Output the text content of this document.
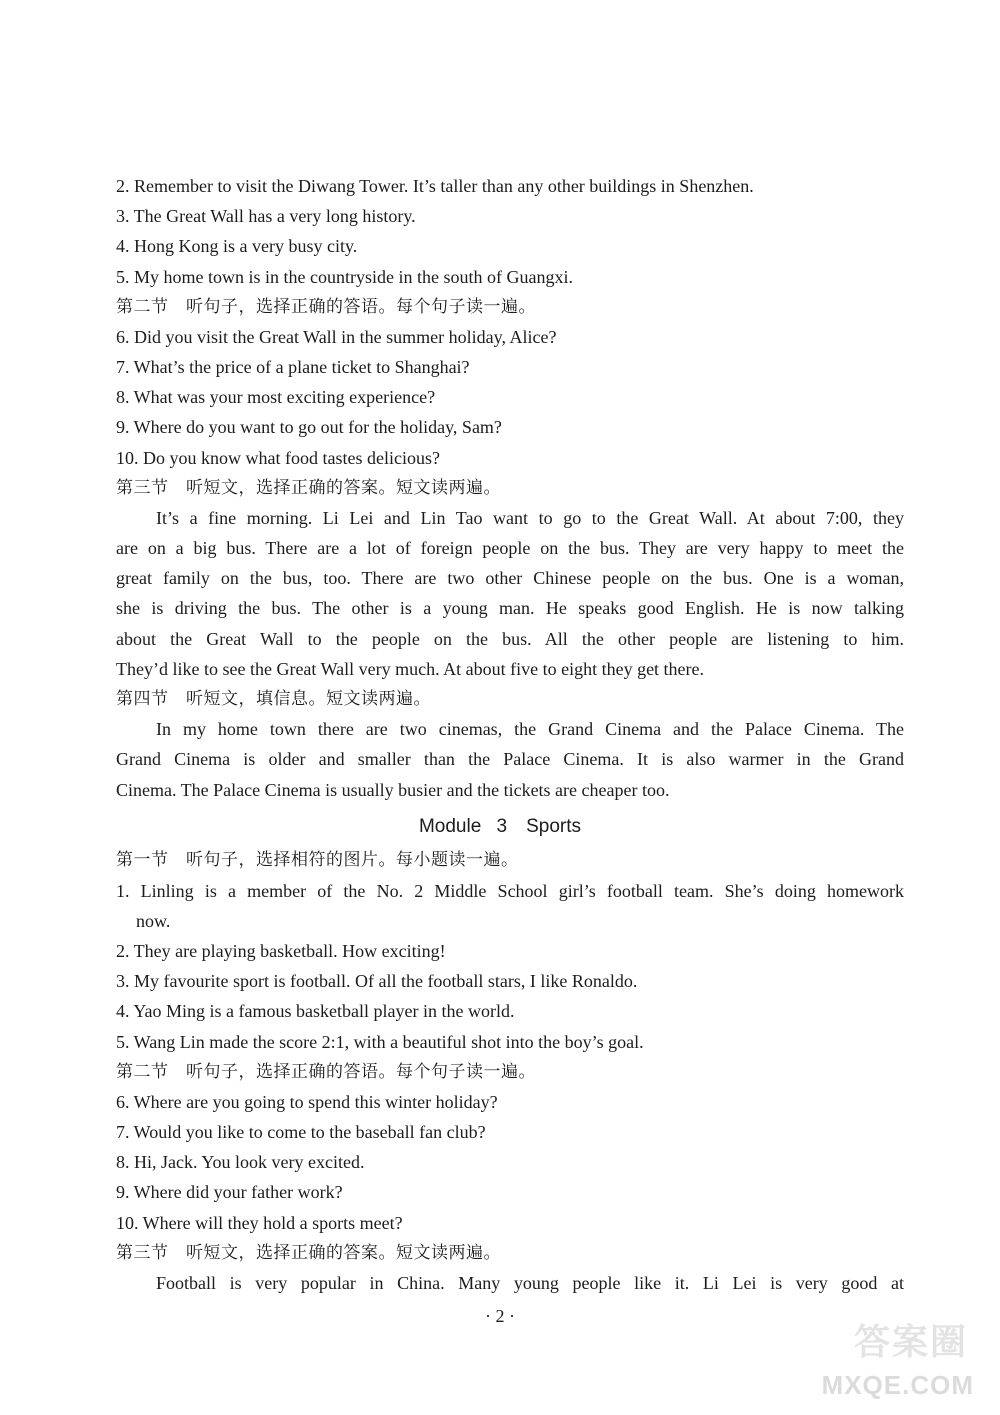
2. Remember to visit the Diwang Tower. It’s taller than any other buildings in Shenzhen.
3. The Great Wall has a very long history.
4. Hong Kong is a very busy city.
5. My home town is in the countryside in the south of Guangxi.
第二节　听句子，选择正确的答语。每个句子读一遍。
6. Did you visit the Great Wall in the summer holiday, Alice?
7. What’s the price of a plane ticket to Shanghai?
8. What was your most exciting experience?
9. Where do you want to go out for the holiday, Sam?
10. Do you know what food tastes delicious?
第三节　听短文，选择正确的答案。短文读两遍。
It’s a fine morning. Li Lei and Lin Tao want to go to the Great Wall. At about 7:00, they
are on a big bus. There are a lot of foreign people on the bus. They are very happy to meet the
great family on the bus, too. There are two other Chinese people on the bus. One is a woman,
she is driving the bus. The other is a young man. He speaks good English. He is now talking
about the Great Wall to the people on the bus. All the other people are listening to him.
They’d like to see the Great Wall very much. At about five to eight they get there.
第四节　听短文，填信息。短文读两遍。
In my home town there are two cinemas, the Grand Cinema and the Palace Cinema. The
Grand Cinema is older and smaller than the Palace Cinema. It is also warmer in the Grand
Cinema. The Palace Cinema is usually busier and the tickets are cheaper too.
Module 3　Sports
第一节　听句子，选择相符的图片。每小题读一遍。
1. Linling is a member of the No. 2 Middle School girl’s football team. She’s doing homework
now.
2. They are playing basketball. How exciting!
3. My favourite sport is football. Of all the football stars, I like Ronaldo.
4. Yao Ming is a famous basketball player in the world.
5. Wang Lin made the score 2:1, with a beautiful shot into the boy’s goal.
第二节　听句子，选择正确的答语。每个句子读一遍。
6. Where are you going to spend this winter holiday?
7. Would you like to come to the baseball fan club?
8. Hi, Jack. You look very excited.
9. Where did your father work?
10. Where will they hold a sports meet?
第三节　听短文，选择正确的答案。短文读两遍。
Football is very popular in China. Many young people like it. Li Lei is very good at
· 2 ·
答案圈
MXQE.COM
